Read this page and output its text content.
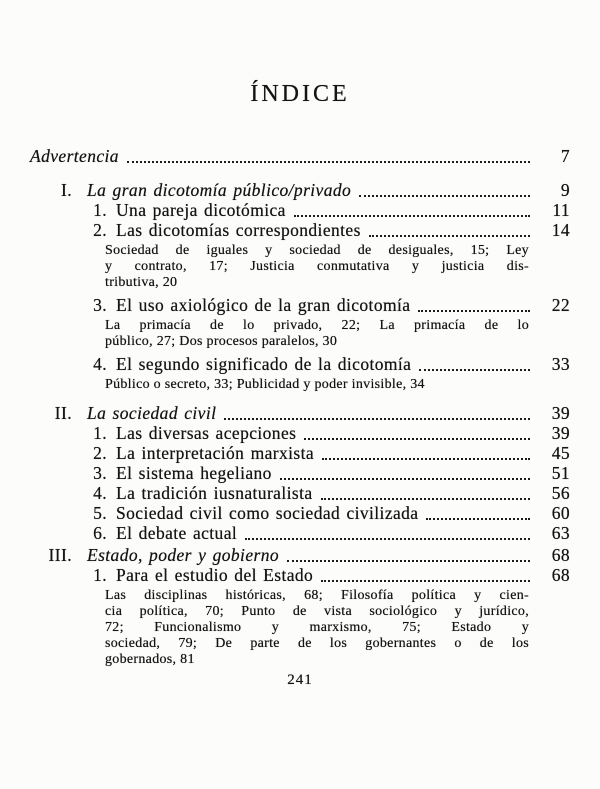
ÍNDICE
Advertencia	7
I. La gran dicotomía público/privado	9
1. Una pareja dicotómica	11
2. Las dicotomías correspondientes	14
Sociedad de iguales y sociedad de desiguales, 15; Ley
y contrato, 17; Justicia conmutativa y justicia dis-
tributiva, 20
3. El uso axiológico de la gran dicotomía	22
La primacía de lo privado, 22; La primacía de lo
público, 27; Dos procesos paralelos, 30
4. El segundo significado de la dicotomía	33
Público o secreto, 33; Publicidad y poder invisible, 34
II. La sociedad civil	39
1. Las diversas acepciones	39
2. La interpretación marxista	45
3. El sistema hegeliano	51
4. La tradición iusnaturalista	56
5. Sociedad civil como sociedad civilizada	60
6. El debate actual	63
III. Estado, poder y gobierno	68
1. Para el estudio del Estado	68
Las disciplinas históricas, 68; Filosofía política y cien-
cia política, 70; Punto de vista sociológico y jurídico,
72; Funcionalismo y marxismo, 75; Estado y
sociedad, 79; De parte de los gobernantes o de los
gobernados, 81
241
